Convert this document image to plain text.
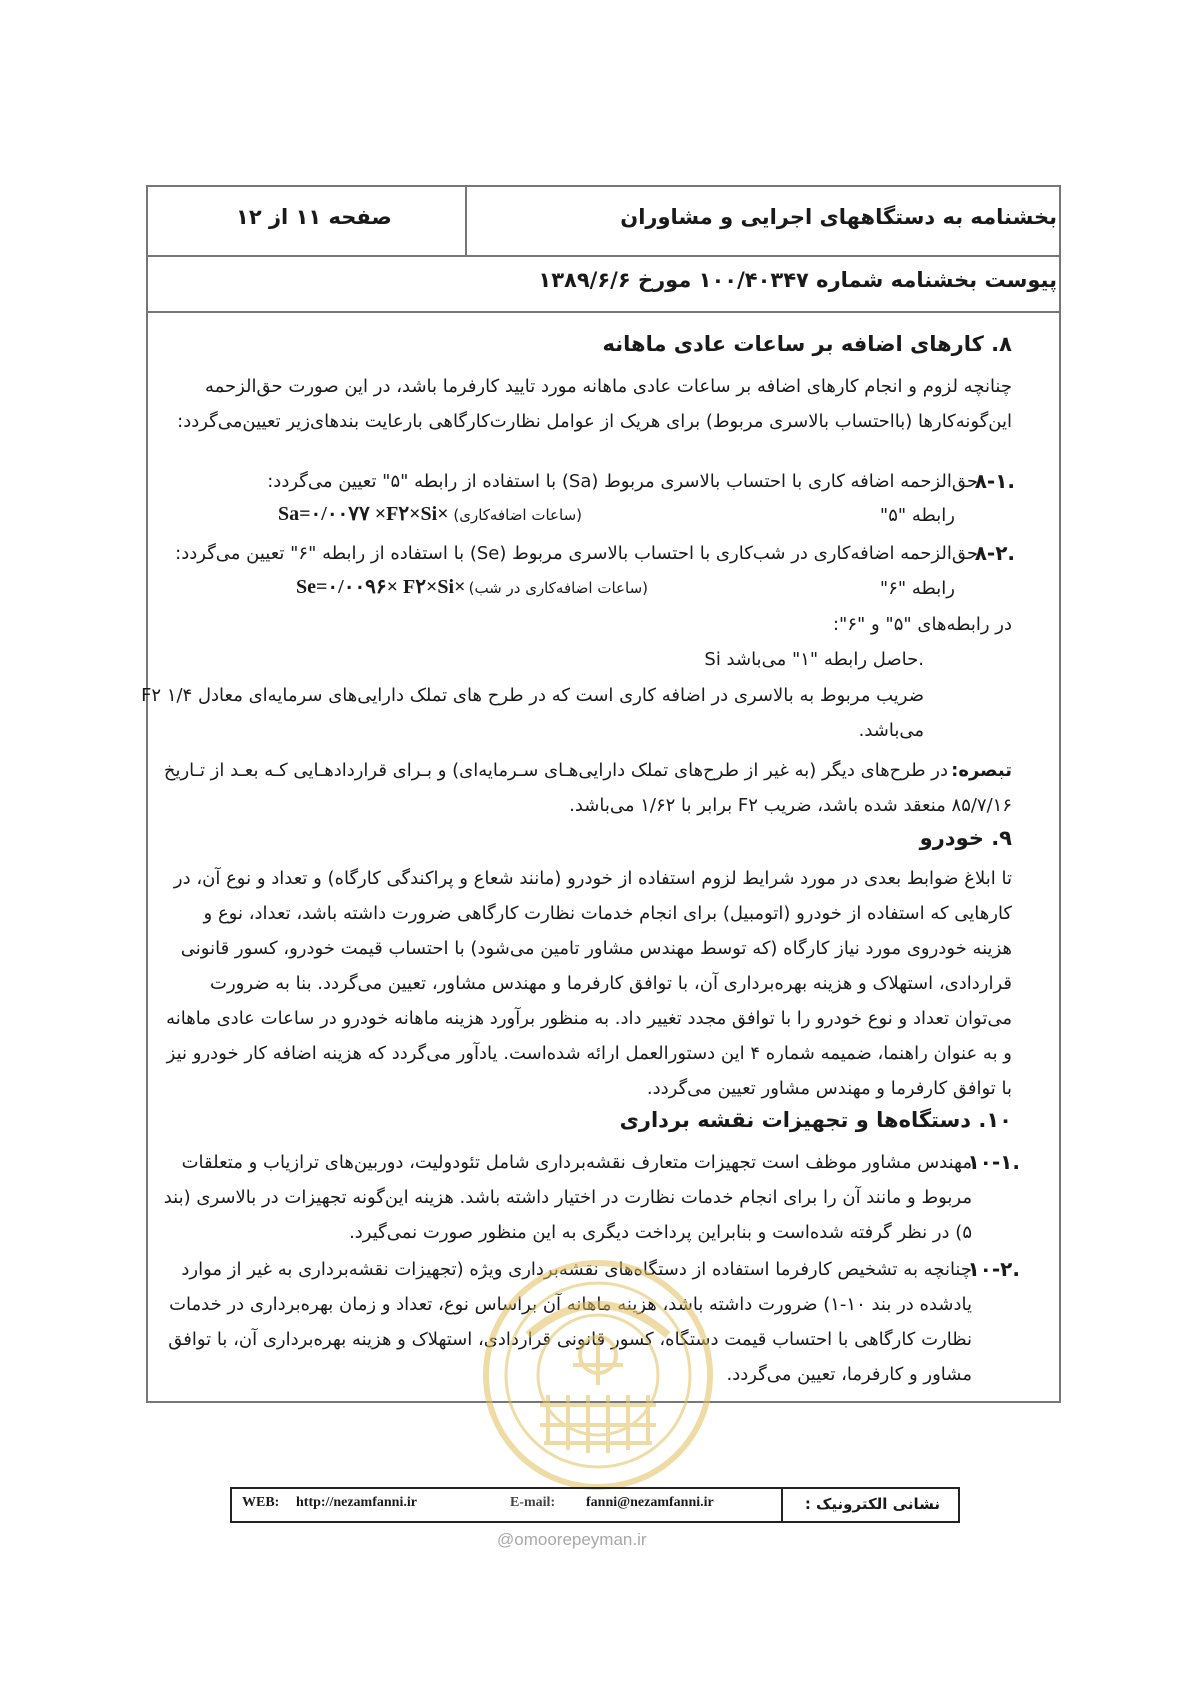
بخشنامه به دستگاههای اجرایی و مشاوران
صفحه ۱۱ از ۱۲
پیوست بخشنامه شماره ۱۰۰/۴۰۳۴۷ مورخ ۱۳۸۹/۶/۶
۸. کارهای اضافه بر ساعات عادی ماهانه
چنانچه لزوم و انجام کارهای اضافه بر ساعات عادی ماهانه مورد تایید کارفرما باشد، در این صورت حق‌الزحمه
این‌گونه‌کارها (بااحتساب بالاسری مربوط) برای هریک از عوامل نظارت‌کارگاهی بارعایت بندهای‌زیر تعیین‌می‌گردد:
۸-۱.
حق‌الزحمه اضافه کاری با احتساب بالاسری مربوط (Sa) با استفاده از رابطه "۵" تعیین می‌گردد:
رابطه "۵"
(ساعات اضافه‌کاری)
Sa=۰/۰۰۷۷ ×F۲×Si×
۸-۲.
حق‌الزحمه اضافه‌کاری در شب‌کاری با احتساب بالاسری مربوط (Se) با استفاده از رابطه "۶" تعیین می‌گردد:
رابطه "۶"
(ساعات اضافه‌کاری در شب)
Se=۰/۰۰۹۶× F۲×Si×
در رابطه‌های "۵" و "۶":
Si حاصل رابطه "۱" می‌باشد.
F۲ ضریب مربوط به بالاسری در اضافه کاری است که در طرح های تملک دارایی‌های سرمایه‌ای معادل ۱/۴
می‌باشد.
تبصره:
در طرح‌های دیگر (به غیر از طرح‌های تملک دارایی‌هـای سـرمایه‌ای) و بـرای قراردادهـایی کـه بعـد از تـاریخ
۸۵/۷/۱۶ منعقد شده باشد، ضریب F۲ برابر با ۱/۶۲ می‌باشد.
۹. خودرو
تا ابلاغ ضوابط بعدی در مورد شرایط لزوم استفاده از خودرو (مانند شعاع و پراکندگی کارگاه) و تعداد و نوع آن، در
کارهایی که استفاده از خودرو (اتومبیل) برای انجام خدمات نظارت کارگاهی ضرورت داشته باشد، تعداد، نوع و
هزینه خودروی مورد نیاز کارگاه (که توسط مهندس مشاور تامین می‌شود) با احتساب قیمت خودرو، کسور قانونی
قراردادی، استهلاک و هزینه بهره‌برداری آن، با توافق کارفرما و مهندس مشاور، تعیین می‌گردد. بنا به ضرورت
می‌توان تعداد و نوع خودرو را با توافق مجدد تغییر داد. به منظور برآورد هزینه ماهانه خودرو در ساعات عادی ماهانه
و به عنوان راهنما، ضمیمه شماره ۴ این دستورالعمل ارائه شده‌است. یادآور می‌گردد که هزینه اضافه کار خودرو نیز
با توافق کارفرما و مهندس مشاور تعیین می‌گردد.
۱۰. دستگاه‌ها و تجهیزات نقشه برداری
۱۰-۱.
مهندس مشاور موظف است تجهیزات متعارف نقشه‌برداری شامل تئودولیت، دوربین‌های ترازیاب و متعلقات
مربوط و مانند آن را برای انجام خدمات نظارت در اختیار داشته باشد. هزینه این‌گونه تجهیزات در بالاسری (بند
۵) در نظر گرفته شده‌است و بنابراین پرداخت دیگری به این منظور صورت نمی‌گیرد.
۱۰-۲.
چنانچه به تشخیص کارفرما استفاده از دستگاه‌های نقشه‌برداری ویژه (تجهیزات نقشه‌برداری به غیر از موارد
یادشده در بند ۱۰-۱) ضرورت داشته باشد، هزینه ماهانه آن براساس نوع، تعداد و زمان بهره‌برداری در خدمات
نظارت کارگاهی با احتساب قیمت دستگاه، کسور قانونی قراردادی، استهلاک و هزینه بهره‌برداری آن، با توافق
مشاور و کارفرما، تعیین می‌گردد.
نشانی الکترونیک :
WEB: http://nezamfanni.ir	E-mail: fanni@nezamfanni.ir
@omoorepeyman.ir
